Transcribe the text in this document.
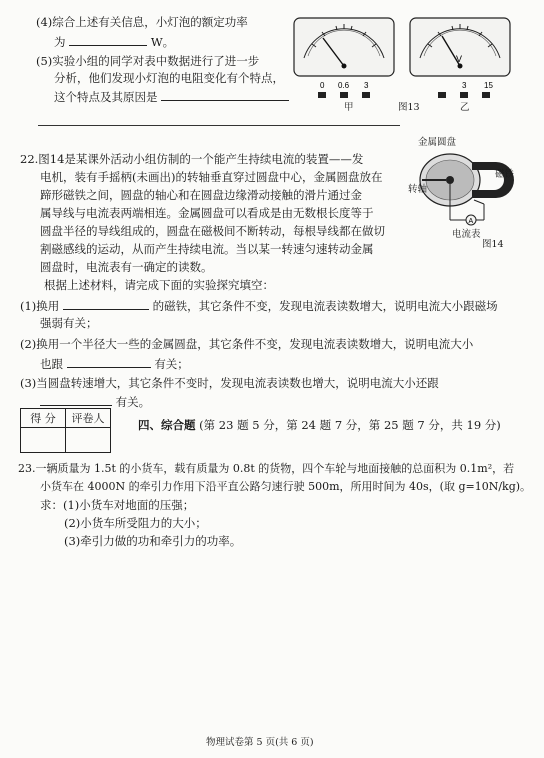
(4)综合上述有关信息，小灯泡的额定功率
为	W。
(5)实验小组的同学对表中数据进行了进一步
分析，他们发现小灯泡的电阻变化有个特点，
这个特点及其原因是
0 0.6 3
V
3 15
甲	图13	乙
22.图14是某课外活动小组仿制的一个能产生持续电流的装置——发
电机，装有手摇柄(未画出)的转轴垂直穿过圆盘中心，金属圆盘放在
蹄形磁铁之间，圆盘的轴心和在圆盘边缘滑动接触的滑片通过金
属导线与电流表两端相连。金属圆盘可以看成是由无数根长度等于
圆盘半径的导线组成的，圆盘在磁极间不断转动，每根导线都在做切
割磁感线的运动，从而产生持续电流。当以某一转速匀速转动金属
圆盘时，电流表有一确定的读数。
A
金属圆盘
磁铁
转轴
电流表
图14
根据上述材料，请完成下面的实验探究填空：
(1)换用	的磁铁，其它条件不变，发现电流表读数增大，说明电流大小跟磁场
强弱有关；
(2)换用一个半径大一些的金属圆盘，其它条件不变，发现电流表读数增大，说明电流大小
也跟	有关；
(3)当圆盘转速增大，其它条件不变时，发现电流表读数也增大，说明电流大小还跟
有关。
得 分	评卷人
		四、综合题 (第 23 题 5 分，第 24 题 7 分，第 25 题 7 分，共 19 分)
23.一辆质量为 1.5t 的小货车，载有质量为 0.8t 的货物，四个车轮与地面接触的总面积为 0.1m²，若
小货车在 4000N 的牵引力作用下沿平直公路匀速行驶 500m，所用时间为 40s，(取 g=10N/kg)。
求：(1)小货车对地面的压强；
(2)小货车所受阻力的大小；
(3)牵引力做的功和牵引力的功率。
物理试卷第 5 页(共 6 页)
